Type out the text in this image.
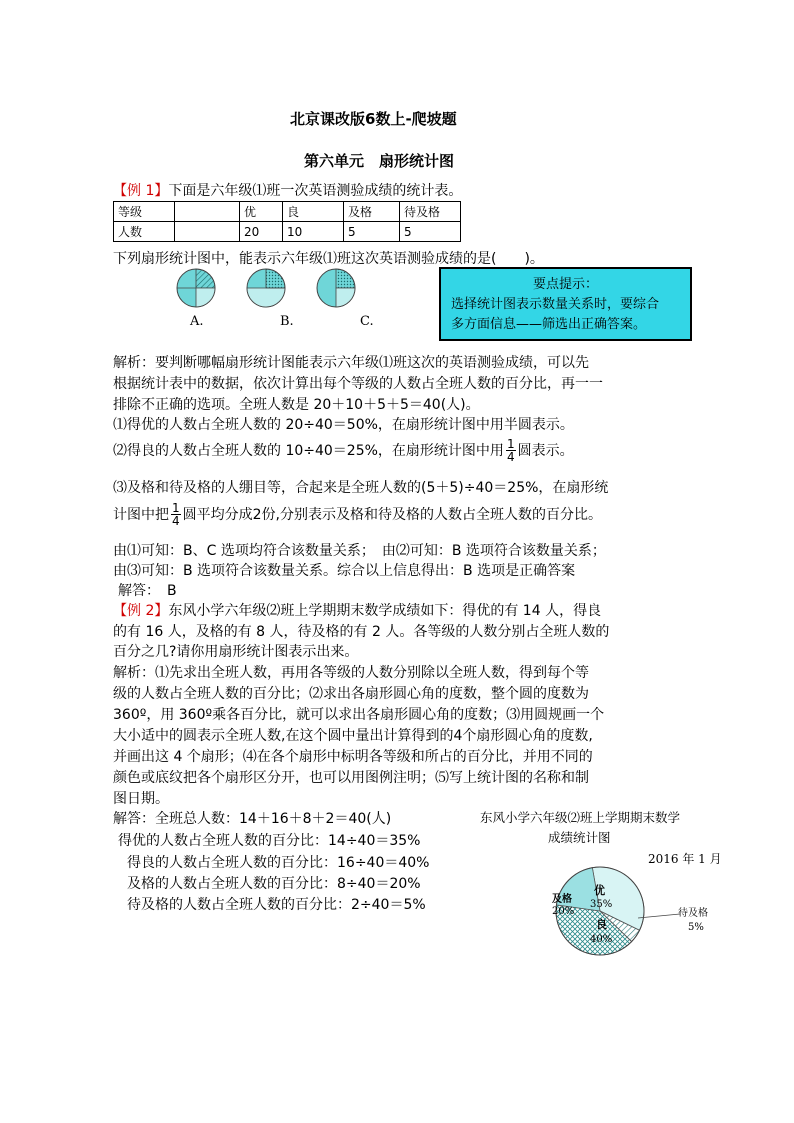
北京课改版6数上-爬坡题
第六单元　扇形统计图
【例 1】下面是六年级⑴班一次英语测验成绩的统计表。
等级		优	良	及格	待及格
人数		20	10	5	5
下列扇形统计图中，能表示六年级⑴班这次英语测验成绩的是(　　)。
A.	B.	C.
要点提示：
选择统计图表示数量关系时，要综合
多方面信息——筛选出正确答案。
解析：要判断哪幅扇形统计图能表示六年级⑴班这次的英语测验成绩，可以先
根据统计表中的数据，依次计算出每个等级的人数占全班人数的百分比，再一一
排除不正确的选项。全班人数是 20＋10＋5＋5＝40(人)。
⑴得优的人数占全班人数的 20÷40＝50%，在扇形统计图中用半圆表示。
⑵得良的人数占全班人数的 10÷40＝25%，在扇形统计图中用 $\frac{1}{4}$ 圆表示。
⑶及格和待及格的人绷目等，合起来是全班人数的(5＋5)÷40＝25%，在扇形统
计图中把 $\frac{1}{4}$ 圆平均分成2份,分别表示及格和待及格的人数占全班人数的百分比。
由⑴可知：B、C 选项均符合该数量关系；　由⑵可知：B 选项符合该数量关系；
由⑶可知：B 选项符合该数量关系。综合以上信息得出：B 选项是正确答案
解答：　B
【例 2】东风小学六年级⑵班上学期期末数学成绩如下：得优的有 14 人，得良
的有 16 人，及格的有 8 人，待及格的有 2 人。各等级的人数分别占全班人数的
百分之几?请你用扇形统计图表示出来。
解析：⑴先求出全班人数，再用各等级的人数分别除以全班人数，得到每个等
级的人数占全班人数的百分比；⑵求出各扇形圆心角的度数，整个圆的度数为
360º，用 360º乘各百分比，就可以求出各扇形圆心角的度数；⑶用圆规画一个
大小适中的圆表示全班人数,在这个圆中量出计算得到的4个扇形圆心角的度数,
并画出这 4 个扇形；⑷在各个扇形中标明各等级和所占的百分比，并用不同的
颜色或底纹把各个扇形区分开，也可以用图例注明；⑸写上统计图的名称和制
图日期。
解答：全班总人数：14＋16＋8＋2＝40(人)
得优的人数占全班人数的百分比：14÷40＝35%
得良的人数占全班人数的百分比：16÷40＝40%
及格的人数占全班人数的百分比：8÷40＝20%
待及格的人数占全班人数的百分比：2÷40＝5%
东风小学六年级⑵班上学期期末数学
成绩统计图
2016 年 1 月
优
35%
良
40%
及格
20%	待及格
5%
